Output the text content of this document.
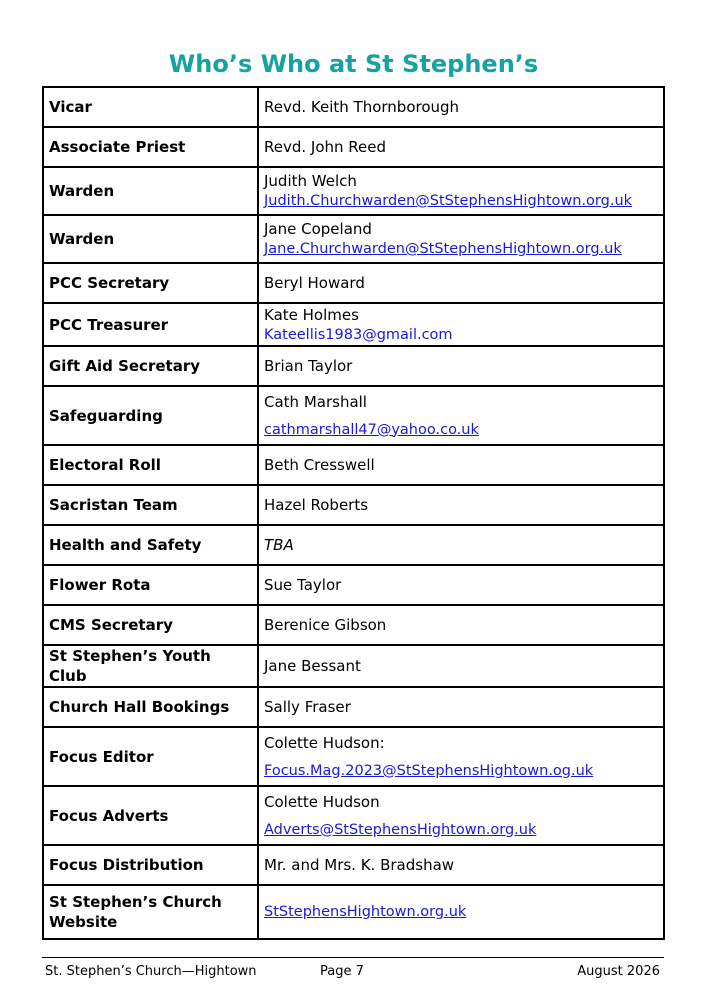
Who’s Who at St Stephen’s
Vicar	Revd. Keith Thornborough

Associate Priest	Revd. John Reed

Warden	Judith Welch
Judith.Churchwarden@StStephensHightown.org.uk

Warden	Jane Copeland
Jane.Churchwarden@StStephensHightown.org.uk

PCC Secretary	Beryl Howard

PCC Treasurer	Kate Holmes
Kateellis1983@gmail.com

Gift Aid Secretary	Brian Taylor

Safeguarding	Cath Marshall
cathmarshall47@yahoo.co.uk

Electoral Roll	Beth Cresswell

Sacristan Team	Hazel Roberts

Health and Safety	TBA

Flower Rota	Sue Taylor

CMS Secretary	Berenice Gibson

St Stephen’s Youth Club	Jane Bessant

Church Hall Bookings	Sally Fraser

Focus Editor	Colette Hudson:
Focus.Mag.2023@StStephensHightown.og.uk

Focus Adverts	Colette Hudson
Adverts@StStephensHightown.org.uk

Focus Distribution	Mr. and Mrs. K. Bradshaw

St Stephen’s Church Website	StStephensHightown.org.uk
St. Stephen’s Church—Hightown	Page 7	August 2026
